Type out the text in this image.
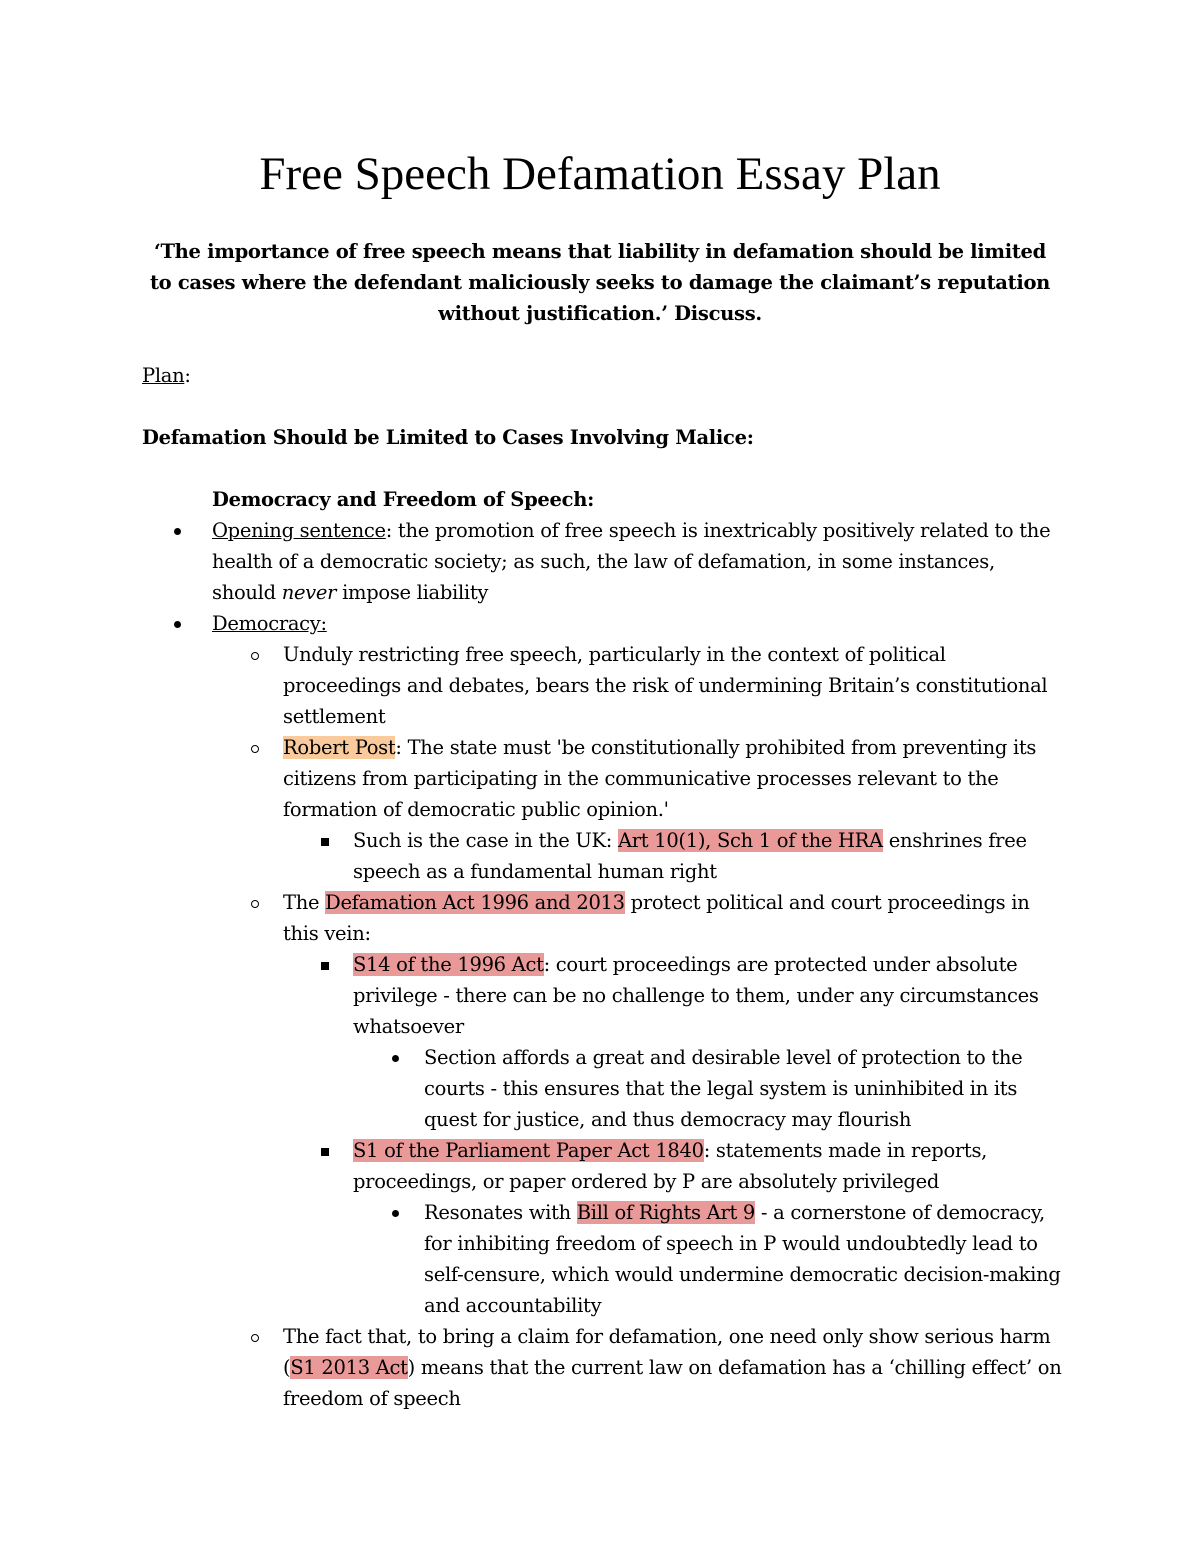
Free Speech Defamation Essay Plan
‘The importance of free speech means that liability in defamation should be limited to cases where the defendant maliciously seeks to damage the claimant’s reputation without justification.’ Discuss.

Plan:

Defamation Should be Limited to Cases Involving Malice:

Democracy and Freedom of Speech:

Opening sentence: the promotion of free speech is inextricably positively related to the health of a democratic society; as such, the law of defamation, in some instances, should never impose liability
Democracy:
Unduly restricting free speech, particularly in the context of political proceedings and debates, bears the risk of undermining Britain’s constitutional settlement
Robert Post: The state must 'be constitutionally prohibited from preventing its citizens from participating in the communicative processes relevant to the formation of democratic public opinion.'
Such is the case in the UK: Art 10(1), Sch 1 of the HRA enshrines free speech as a fundamental human right
The Defamation Act 1996 and 2013 protect political and court proceedings in this vein:
S14 of the 1996 Act: court proceedings are protected under absolute privilege - there can be no challenge to them, under any circumstances whatsoever
Section affords a great and desirable level of protection to the courts - this ensures that the legal system is uninhibited in its quest for justice, and thus democracy may flourish
S1 of the Parliament Paper Act 1840: statements made in reports, proceedings, or paper ordered by P are absolutely privileged
Resonates with Bill of Rights Art 9 - a cornerstone of democracy, for inhibiting freedom of speech in P would undoubtedly lead to self-censure, which would undermine democratic decision-making and accountability
The fact that, to bring a claim for defamation, one need only show serious harm (S1 2013 Act) means that the current law on defamation has a ‘chilling effect’ on freedom of speech
